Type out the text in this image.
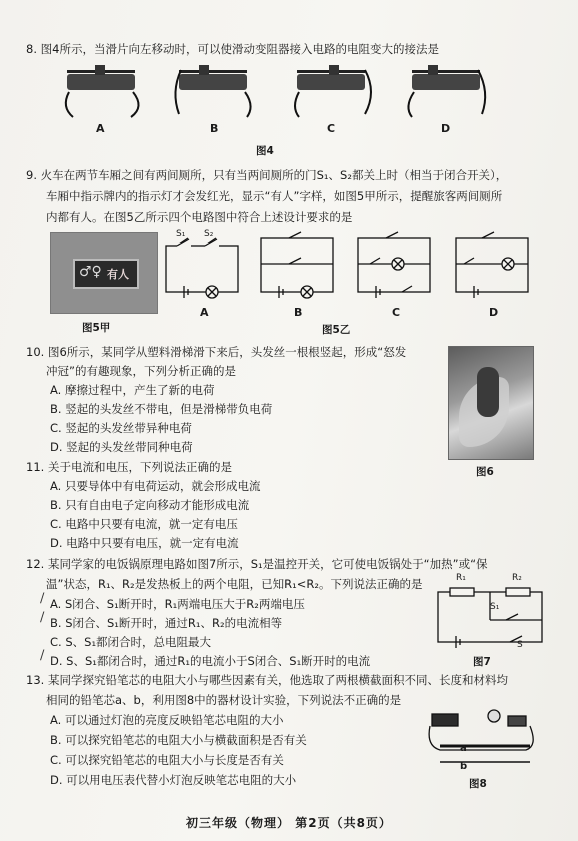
8. 图4所示，当滑片向左移动时，可以使滑动变阻器接入电路的电阻变大的接法是
A	B	C	D
图4
9. 火车在两节车厢之间有两间厕所，只有当两间厕所的门S₁、S₂都关上时（相当于闭合开关），
车厢中指示牌内的指示灯才会发红光，显示“有人”字样，如图5甲所示，提醒旅客两间厕所
内都有人。在图5乙所示四个电路图中符合上述设计要求的是
♂♀ 有人
图5甲
S₁ S₂
A	B	C	D
图5乙
10. 图6所示，某同学从塑料滑梯滑下来后，头发丝一根根竖起，形成“怒发
冲冠”的有趣现象，下列分析正确的是
A. 摩擦过程中，产生了新的电荷
B. 竖起的头发丝不带电，但是滑梯带负电荷
C. 竖起的头发丝带异种电荷
D. 竖起的头发丝带同种电荷
图6
11. 关于电流和电压，下列说法正确的是
A. 只要导体中有电荷运动，就会形成电流
B. 只有自由电子定向移动才能形成电流
C. 电路中只要有电流，就一定有电压
D. 电路中只要有电压，就一定有电流
12. 某同学家的电饭锅原理电路如图7所示，S₁是温控开关，它可使电饭锅处于“加热”或“保
温”状态，R₁、R₂是发热板上的两个电阻，已知R₁<R₂。下列说法正确的是
A. S闭合、S₁断开时，R₁两端电压大于R₂两端电压
B. S闭合、S₁断开时，通过R₁、R₂的电流相等
C. S、S₁都闭合时，总电阻最大
D. S、S₁都闭合时，通过R₁的电流小于S闭合、S₁断开时的电流
/
/
/
R₁	R₂
S₁
S
图7
13. 某同学探究铅笔芯的电阻大小与哪些因素有关，他选取了两根横截面积不同、长度和材料均
相同的铅笔芯a、b，利用图8中的器材设计实验，下列说法不正确的是
A. 可以通过灯泡的亮度反映铅笔芯电阻的大小
B. 可以探究铅笔芯的电阻大小与横截面积是否有关
C. 可以探究铅笔芯的电阻大小与长度是否有关
D. 可以用电压表代替小灯泡反映笔芯电阻的大小
a
b
图8
初三年级（物理） 第2页（共8页）
